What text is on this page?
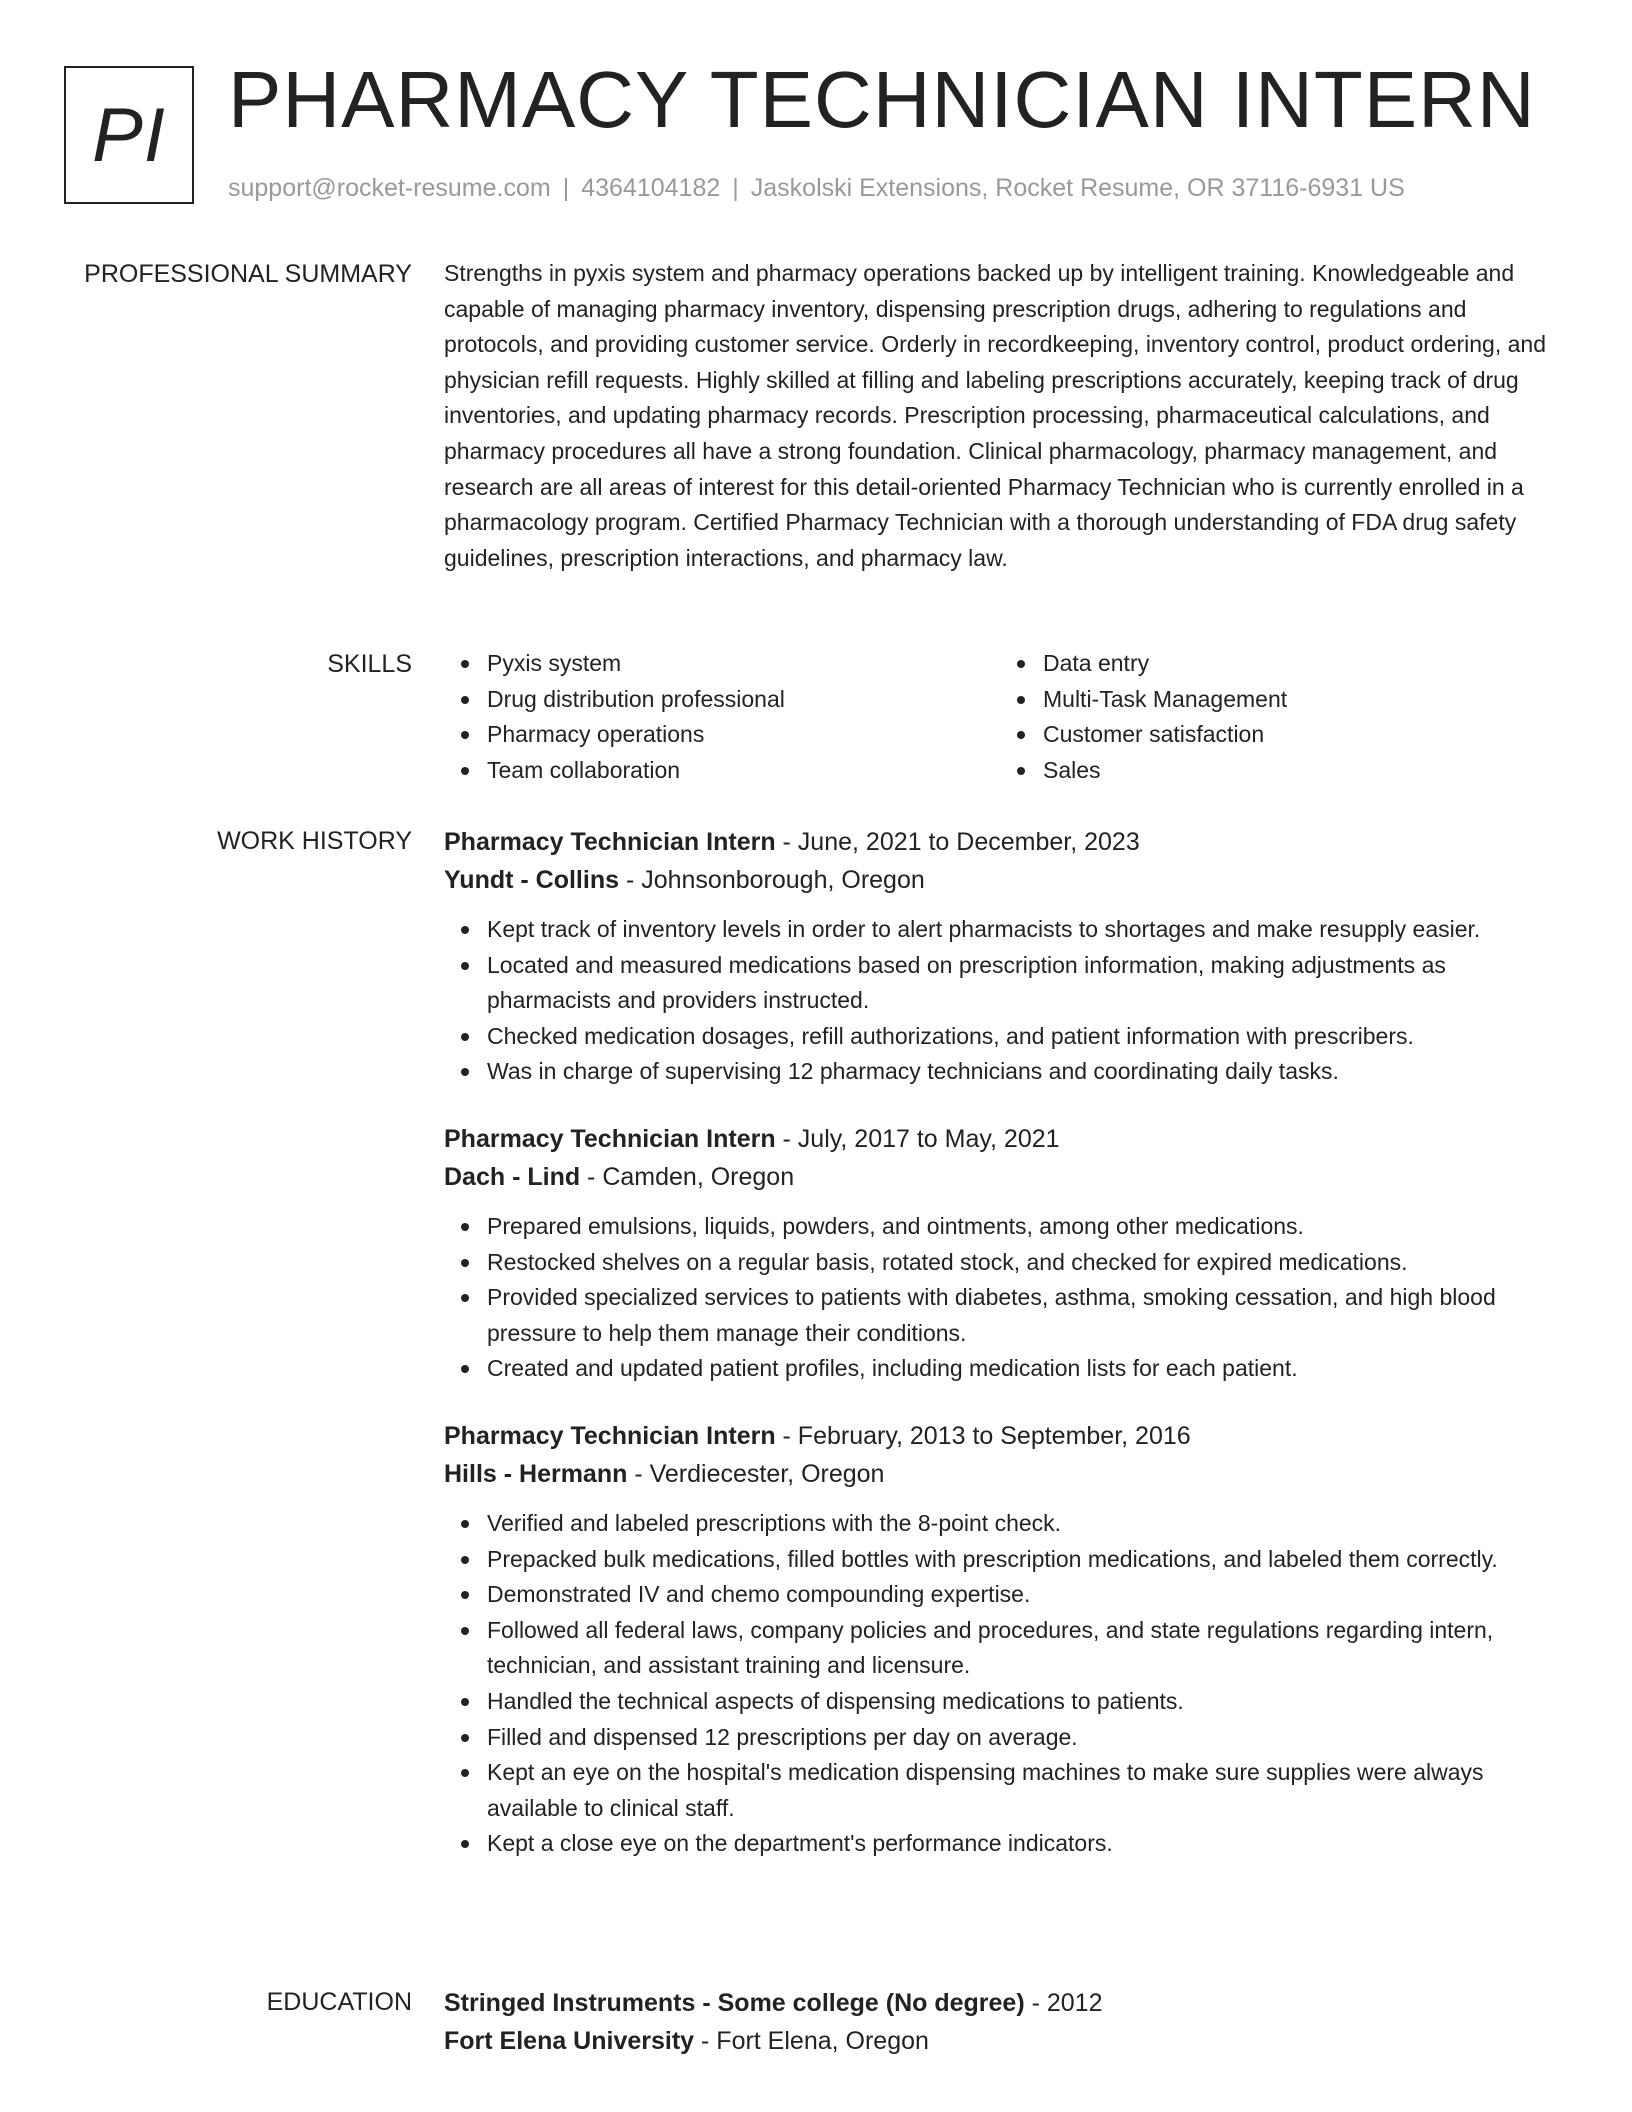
PI PHARMACY TECHNICIAN INTERN
support@rocket-resume.com | 4364104182 | Jaskolski Extensions, Rocket Resume, OR 37116-6931 US
PROFESSIONAL SUMMARY Strengths in pyxis system and pharmacy operations backed up by intelligent training. Knowledgeable and capable of managing pharmacy inventory, dispensing prescription drugs, adhering to regulations and protocols, and providing customer service. Orderly in recordkeeping, inventory control, product ordering, and physician refill requests. Highly skilled at filling and labeling prescriptions accurately, keeping track of drug inventories, and updating pharmacy records. Prescription processing, pharmaceutical calculations, and pharmacy procedures all have a strong foundation. Clinical pharmacology, pharmacy management, and research are all areas of interest for this detail-oriented Pharmacy Technician who is currently enrolled in a pharmacology program. Certified Pharmacy Technician with a thorough understanding of FDA drug safety guidelines, prescription interactions, and pharmacy law.

SKILLS	Pyxis system
Drug distribution professional
Pharmacy operations
Team collaboration
Data entry
Multi-Task Management
Customer satisfaction
Sales
WORK HISTORY Pharmacy Technician Intern - June, 2021 to December, 2023
Yundt - Collins - Johnsonborough, Oregon
Kept track of inventory levels in order to alert pharmacists to shortages and make resupply easier.
Located and measured medications based on prescription information, making adjustments as pharmacists and providers instructed.
Checked medication dosages, refill authorizations, and patient information with prescribers.
Was in charge of supervising 12 pharmacy technicians and coordinating daily tasks.
Pharmacy Technician Intern - July, 2017 to May, 2021
Dach - Lind - Camden, Oregon
Prepared emulsions, liquids, powders, and ointments, among other medications.
Restocked shelves on a regular basis, rotated stock, and checked for expired medications.
Provided specialized services to patients with diabetes, asthma, smoking cessation, and high blood pressure to help them manage their conditions.
Created and updated patient profiles, including medication lists for each patient.
Pharmacy Technician Intern - February, 2013 to September, 2016
Hills - Hermann - Verdiecester, Oregon
Verified and labeled prescriptions with the 8-point check.
Prepacked bulk medications, filled bottles with prescription medications, and labeled them correctly.
Demonstrated IV and chemo compounding expertise.
Followed all federal laws, company policies and procedures, and state regulations regarding intern, technician, and assistant training and licensure.
Handled the technical aspects of dispensing medications to patients.
Filled and dispensed 12 prescriptions per day on average.
Kept an eye on the hospital's medication dispensing machines to make sure supplies were always available to clinical staff.
Kept a close eye on the department's performance indicators.
EDUCATION Stringed Instruments - Some college (No degree) - 2012
Fort Elena University - Fort Elena, Oregon
